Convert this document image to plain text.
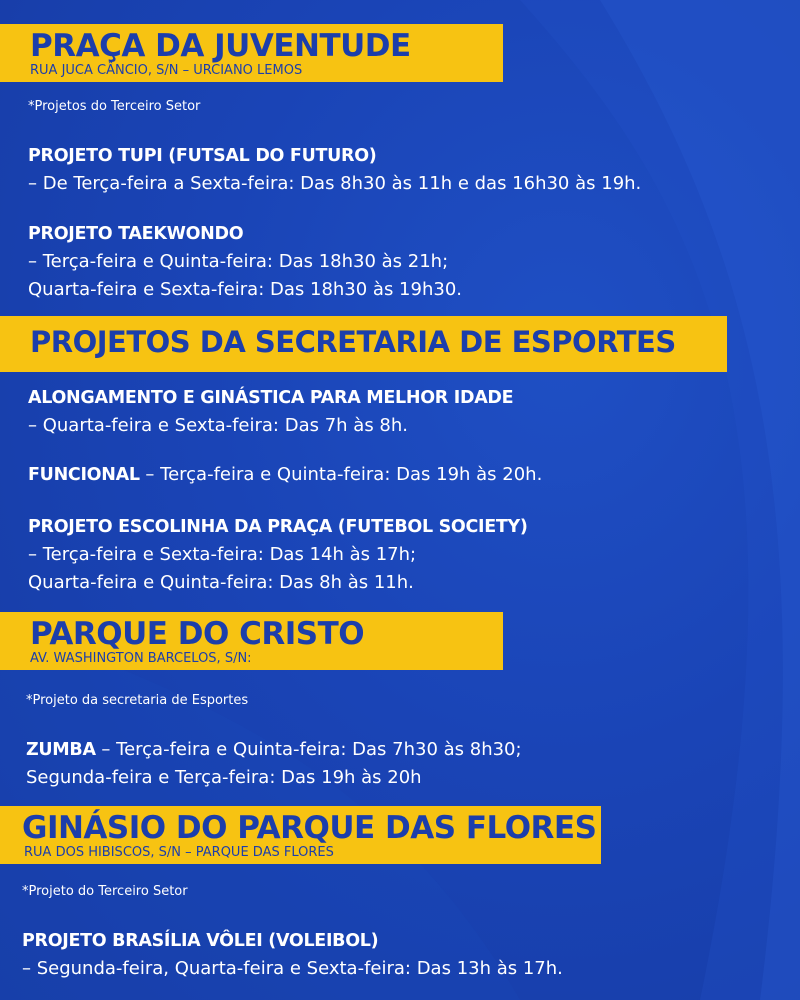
PRAÇA DA JUVENTUDE
RUA JUCA CÂNCIO, S/N – URCIANO LEMOS
*Projetos do Terceiro Setor
PROJETO TUPI (FUTSAL DO FUTURO)
– De Terça-feira a Sexta-feira: Das 8h30 às 11h e das 16h30 às 19h.
PROJETO TAEKWONDO
– Terça-feira e Quinta-feira: Das 18h30 às 21h;
Quarta-feira e Sexta-feira: Das 18h30 às 19h30.
PROJETOS DA SECRETARIA DE ESPORTES
ALONGAMENTO E GINÁSTICA PARA MELHOR IDADE
– Quarta-feira e Sexta-feira: Das 7h às 8h.
FUNCIONAL – Terça-feira e Quinta-feira: Das 19h às 20h.
PROJETO ESCOLINHA DA PRAÇA (FUTEBOL SOCIETY)
– Terça-feira e Sexta-feira: Das 14h às 17h;
Quarta-feira e Quinta-feira: Das 8h às 11h.
PARQUE DO CRISTO
AV. WASHINGTON BARCELOS, S/N:
*Projeto da secretaria de Esportes
ZUMBA – Terça-feira e Quinta-feira: Das 7h30 às 8h30;
Segunda-feira e Terça-feira: Das 19h às 20h
GINÁSIO DO PARQUE DAS FLORES
RUA DOS HIBISCOS, S/N – PARQUE DAS FLORES
*Projeto do Terceiro Setor
PROJETO BRASÍLIA VÔLEI (VOLEIBOL)
– Segunda-feira, Quarta-feira e Sexta-feira: Das 13h às 17h.
